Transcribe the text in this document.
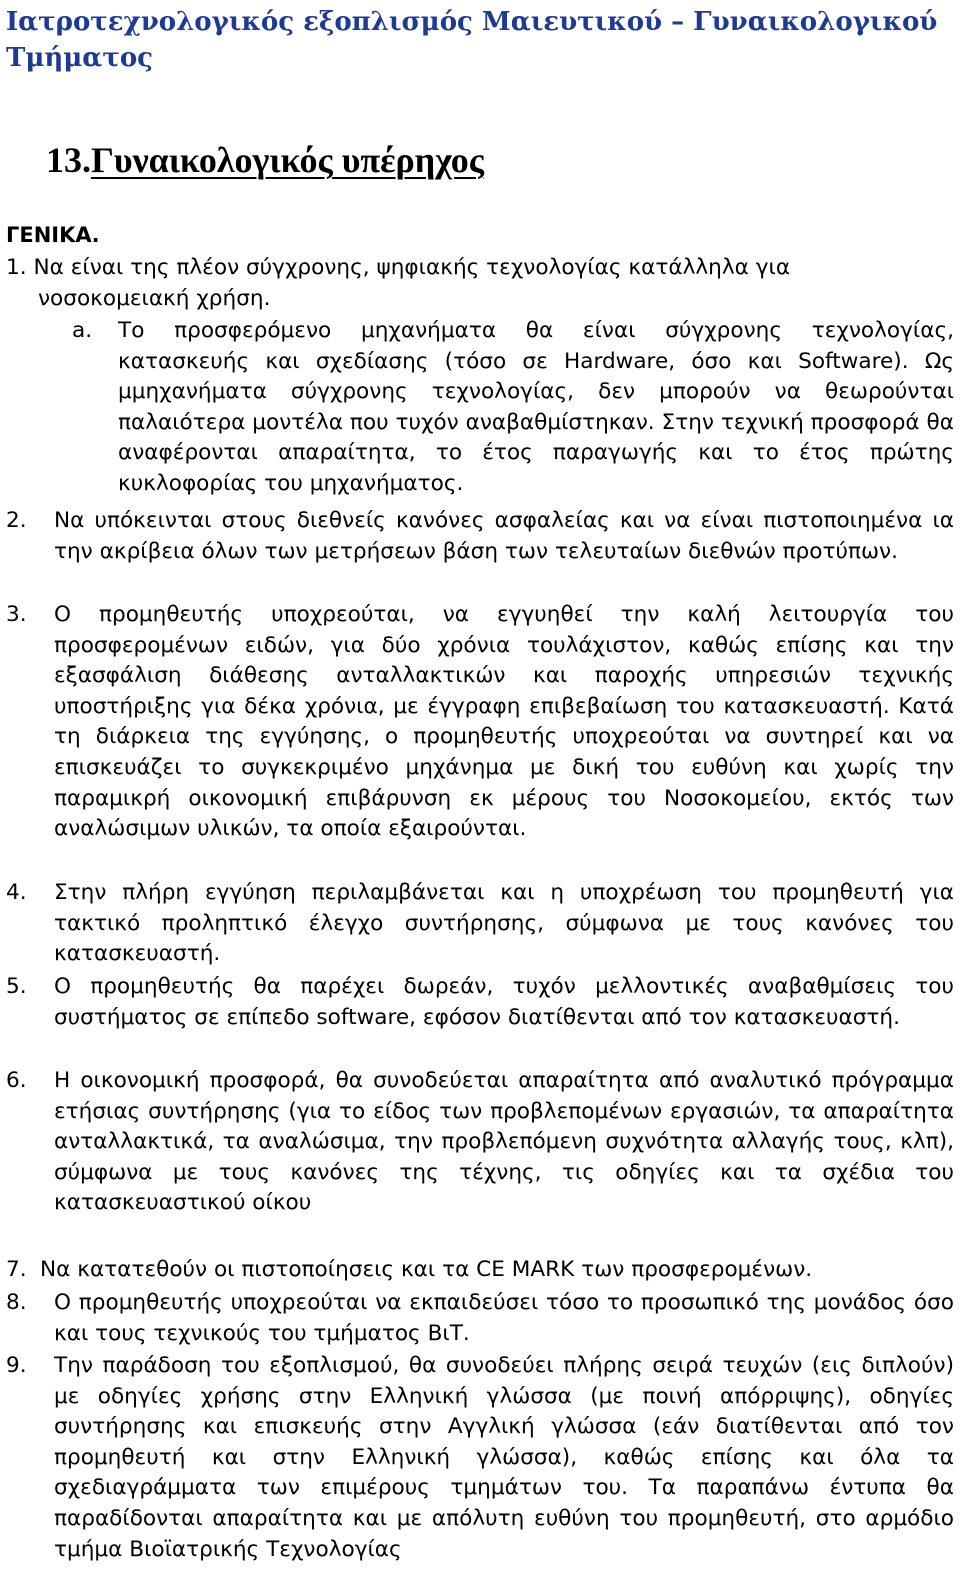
Ιατροτεχνολογικός εξοπλισμός Μαιευτικού – Γυναικολογικού Τμήματος
13.Γυναικολογικός υπέρηχος

ΓΕΝΙΚΑ.

1. Να είναι της πλέον σύγχρονης, ψηφιακής τεχνολογίας κατάλληλα για
νοσοκομειακή χρήση.
a. Το προσφερόμενο μηχανήματα θα είναι σύγχρονης τεχνολογίας, κατασκευής και σχεδίασης (τόσο σε Hardware, όσο και Software). Ως μμηχανήματα σύγχρονης τεχνολογίας, δεν μπορούν να θεωρούνται παλαιότερα μοντέλα που τυχόν αναβαθμίστηκαν. Στην τεχνική προσφορά θα αναφέρονται απαραίτητα, το έτος παραγωγής και το έτος πρώτης κυκλοφορίας του μηχανήματος.
2. Να υπόκεινται στους διεθνείς κανόνες ασφαλείας και να είναι πιστοποιημένα ια την ακρίβεια όλων των μετρήσεων βάση των τελευταίων διεθνών προτύπων.
3. Ο προμηθευτής υποχρεούται, να εγγυηθεί την καλή λειτουργία του προσφερομένων ειδών, για δύο χρόνια τουλάχιστον, καθώς επίσης και την εξασφάλιση διάθεσης ανταλλακτικών και παροχής υπηρεσιών τεχνικής υποστήριξης για δέκα χρόνια, με έγγραφη επιβεβαίωση του κατασκευαστή. Κατά τη διάρκεια της εγγύησης, ο προμηθευτής υποχρεούται να συντηρεί και να επισκευάζει το συγκεκριμένο μηχάνημα με δική του ευθύνη και χωρίς την παραμικρή οικονομική επιβάρυνση εκ μέρους του Νοσοκομείου, εκτός των αναλώσιμων υλικών, τα οποία εξαιρούνται.
4. Στην πλήρη εγγύηση περιλαμβάνεται και η υποχρέωση του προμηθευτή για τακτικό προληπτικό έλεγχο συντήρησης, σύμφωνα με τους κανόνες του κατασκευαστή.
5. Ο προμηθευτής θα παρέχει δωρεάν, τυχόν μελλοντικές αναβαθμίσεις του συστήματος σε επίπεδο software, εφόσον διατίθενται από τον κατασκευαστή.
6. Η οικονομική προσφορά, θα συνοδεύεται απαραίτητα από αναλυτικό πρόγραμμα ετήσιας συντήρησης (για το είδος των προβλεπομένων εργασιών, τα απαραίτητα ανταλλακτικά, τα αναλώσιμα, την προβλεπόμενη συχνότητα αλλαγής τους, κλπ), σύμφωνα με τους κανόνες της τέχνης, τις οδηγίες και τα σχέδια του κατασκευαστικού οίκου
7. Να κατατεθούν οι πιστοποίησεις και τα CE MARK των προσφερομένων.
8. Ο προμηθευτής υποχρεούται να εκπαιδεύσει τόσο το προσωπικό της μονάδος όσο και τους τεχνικούς του τμήματος ΒιΤ.
9. Την παράδοση του εξοπλισμού, θα συνοδεύει πλήρης σειρά τευχών (εις διπλούν) με οδηγίες χρήσης στην Ελληνική γλώσσα (με ποινή απόρριψης), οδηγίες συντήρησης και επισκευής στην Αγγλική γλώσσα (εάν διατίθενται από τον προμηθευτή και στην Ελληνική γλώσσα), καθώς επίσης και όλα τα σχεδιαγράμματα των επιμέρους τμημάτων του. Τα παραπάνω έντυπα θα παραδίδονται απαραίτητα και με απόλυτη ευθύνη του προμηθευτή, στο αρμόδιο τμήμα Βιοϊατρικής Τεχνολογίας
